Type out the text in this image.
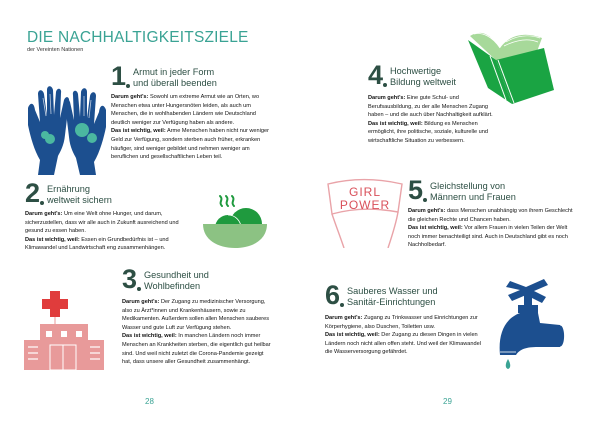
DIE NACHHALTIGKEITSZIELE
der Vereinten Nationen
1 Armut in jeder Form
und überall beenden
Darum geht's: Sowohl um extreme Armut wie an Orten, wo Menschen etwa unter Hungersnöten leiden, als auch um Menschen, die in wohlhabenden Ländern wie Deutschland deutlich weniger zur Verfügung haben als andere.
Das ist wichtig, weil: Arme Menschen haben nicht nur weniger Geld zur Verfügung, sondern sterben auch früher, erkranken häufiger, sind weniger gebildet und nehmen weniger am beruflichen und gesellschaftlichen Leben teil.
2 Ernährung
weltweit sichern
Darum geht's: Um eine Welt ohne Hunger, und darum, sicherzustellen, dass wir alle auch in Zukunft ausreichend und gesund zu essen haben.
Das ist wichtig, weil: Essen ein Grundbedürfnis ist – und Klimawandel und Landwirtschaft eng zusammenhängen.
3 Gesundheit und
Wohlbefinden
Darum geht's: Der Zugang zu medizinischer Versorgung, also zu Ärzt*innen und Krankenhäusern, sowie zu Medikamenten. Außerdem sollen allen Menschen sauberes Wasser und gute Luft zur Verfügung stehen.
Das ist wichtig, weil: In manchen Ländern noch immer Menschen an Krankheiten sterben, die eigentlich gut heilbar sind. Und weil nicht zuletzt die Corona-Pandemie gezeigt hat, dass unsere aller Gesundheit zusammenhängt.
28
4 Hochwertige
Bildung weltweit
Darum geht's: Eine gute Schul- und Berufsausbildung, zu der alle Menschen Zugang haben – und die auch über Nachhaltigkeit aufklärt.
Das ist wichtig, weil: Bildung es Menschen ermöglicht, ihre politische, soziale, kulturelle und wirtschaftliche Situation zu verbessern.
GIRL
POWER 5 Gleichstellung von
Männern und Frauen
Darum geht's: dass Menschen unabhängig von ihrem Geschlecht die gleichen Rechte und Chancen haben.
Das ist wichtig, weil: Vor allem Frauen in vielen Teilen der Welt noch immer benachteiligt sind. Auch in Deutschland gibt es noch Nachholbedarf.
6 Sauberes Wasser und
Sanitär-Einrichtungen
Darum geht's: Zugang zu Trinkwasser und Einrichtungen zur Körperhygiene, also Duschen, Toiletten usw.
Das ist wichtig, weil: Der Zugang zu diesen Dingen in vielen Ländern noch nicht allen offen steht. Und weil der Klimawandel die Wasserversorgung gefährdet.
29
